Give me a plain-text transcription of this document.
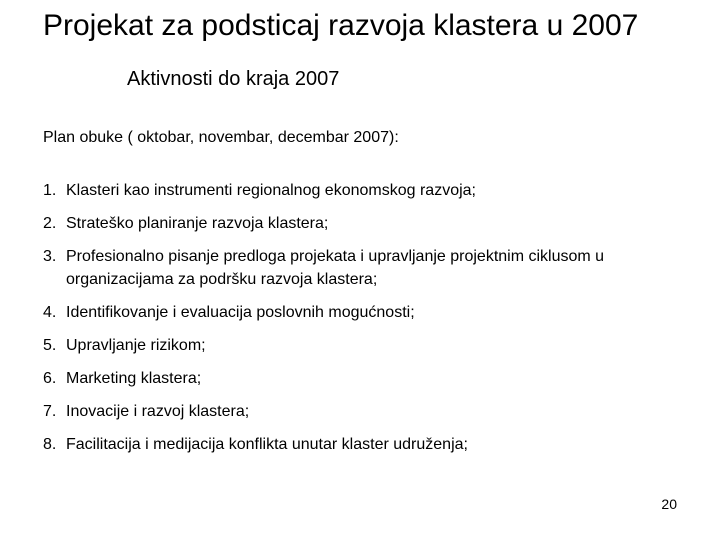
Projekat za podsticaj razvoja klastera u 2007
Aktivnosti do kraja 2007
Plan obuke ( oktobar, novembar, decembar 2007):
1. Klasteri kao instrumenti regionalnog ekonomskog razvoja;
2. Strateško planiranje razvoja klastera;
3. Profesionalno pisanje predloga projekata i upravljanje projektnim ciklusom u organizacijama za podršku razvoja klastera;
4. Identifikovanje i evaluacija poslovnih mogućnosti;
5. Upravljanje rizikom;
6. Marketing klastera;
7. Inovacije i razvoj klastera;
8. Facilitacija i medijacija konflikta unutar klaster udruženja;
20
